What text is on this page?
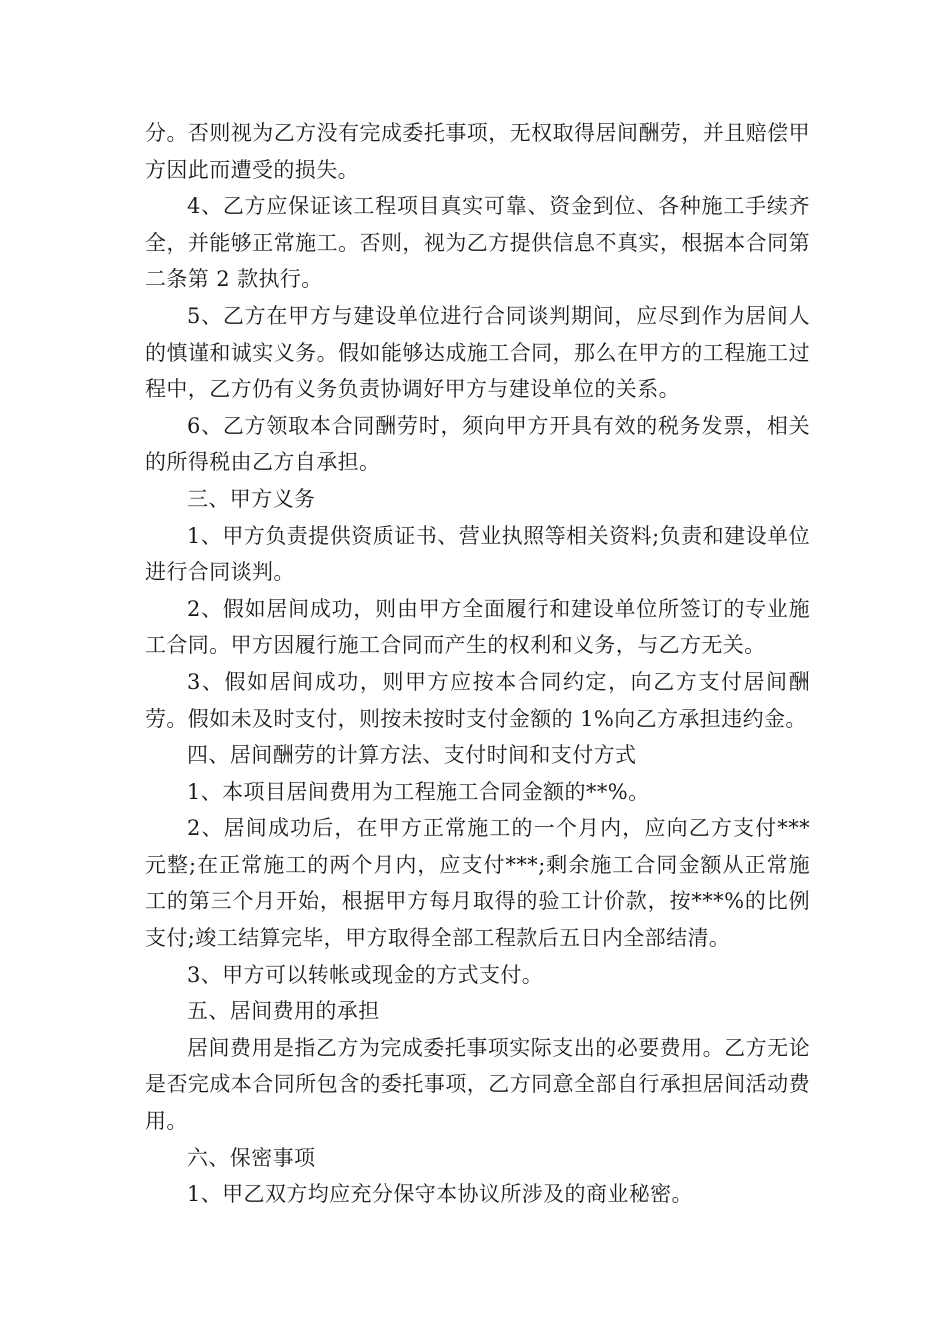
分。否则视为乙方没有完成委托事项，无权取得居间酬劳，并且赔偿甲方因此而遭受的损失。

4、乙方应保证该工程项目真实可靠、资金到位、各种施工手续齐全，并能够正常施工。否则，视为乙方提供信息不真实，根据本合同第二条第 2 款执行。

5、乙方在甲方与建设单位进行合同谈判期间，应尽到作为居间人的慎谨和诚实义务。假如能够达成施工合同，那么在甲方的工程施工过程中，乙方仍有义务负责协调好甲方与建设单位的关系。

6、乙方领取本合同酬劳时，须向甲方开具有效的税务发票，相关的所得税由乙方自承担。

三、甲方义务

1、甲方负责提供资质证书、营业执照等相关资料;负责和建设单位进行合同谈判。

2、假如居间成功，则由甲方全面履行和建设单位所签订的专业施工合同。甲方因履行施工合同而产生的权利和义务，与乙方无关。

3、假如居间成功，则甲方应按本合同约定，向乙方支付居间酬劳。假如未及时支付，则按未按时支付金额的 1%向乙方承担违约金。

四、居间酬劳的计算方法、支付时间和支付方式

1、本项目居间费用为工程施工合同金额的**%。

2、居间成功后，在甲方正常施工的一个月内，应向乙方支付***元整;在正常施工的两个月内，应支付***;剩余施工合同金额从正常施工的第三个月开始，根据甲方每月取得的验工计价款，按***%的比例支付;竣工结算完毕，甲方取得全部工程款后五日内全部结清。

3、甲方可以转帐或现金的方式支付。

五、居间费用的承担

居间费用是指乙方为完成委托事项实际支出的必要费用。乙方无论是否完成本合同所包含的委托事项，乙方同意全部自行承担居间活动费用。

六、保密事项

1、甲乙双方均应充分保守本协议所涉及的商业秘密。
